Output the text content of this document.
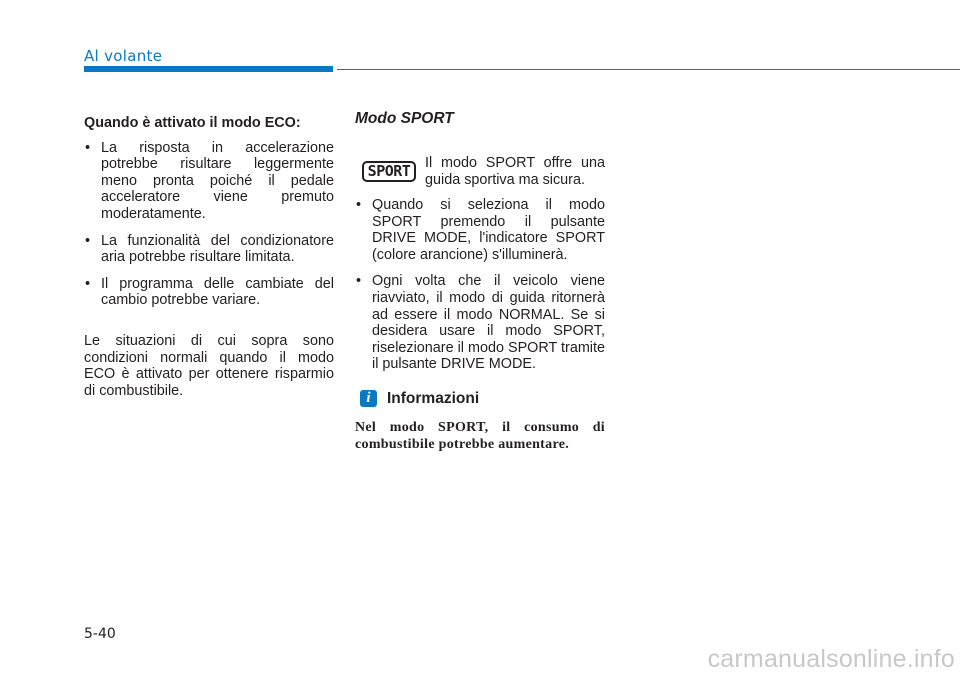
Al volante

Quando è attivato il modo ECO:

• La risposta in accelerazione potrebbe risultare leggermente meno pronta poiché il pedale acceleratore viene premuto moderatamente.
• La funzionalità del condizionatore aria potrebbe risultare limitata.
• Il programma delle cambiate del cambio potrebbe variare.

Le situazioni di cui sopra sono condizioni normali quando il modo ECO è attivato per ottenere risparmio di combustibile.

Modo SPORT
SPORT	Il modo SPORT offre una guida sportiva ma sicura.
• Quando si seleziona il modo SPORT premendo il pulsante DRIVE MODE, l'indicatore SPORT (colore arancione) s'illuminerà.
• Ogni volta che il veicolo viene riavviato, il modo di guida ritornerà ad essere il modo NORMAL. Se si desidera usare il modo SPORT, riselezionare il modo SPORT tramite il pulsante DRIVE MODE.
i	Informazioni
Nel modo SPORT, il consumo di combustibile potrebbe aumentare.
5-40
carmanualsonline.info
